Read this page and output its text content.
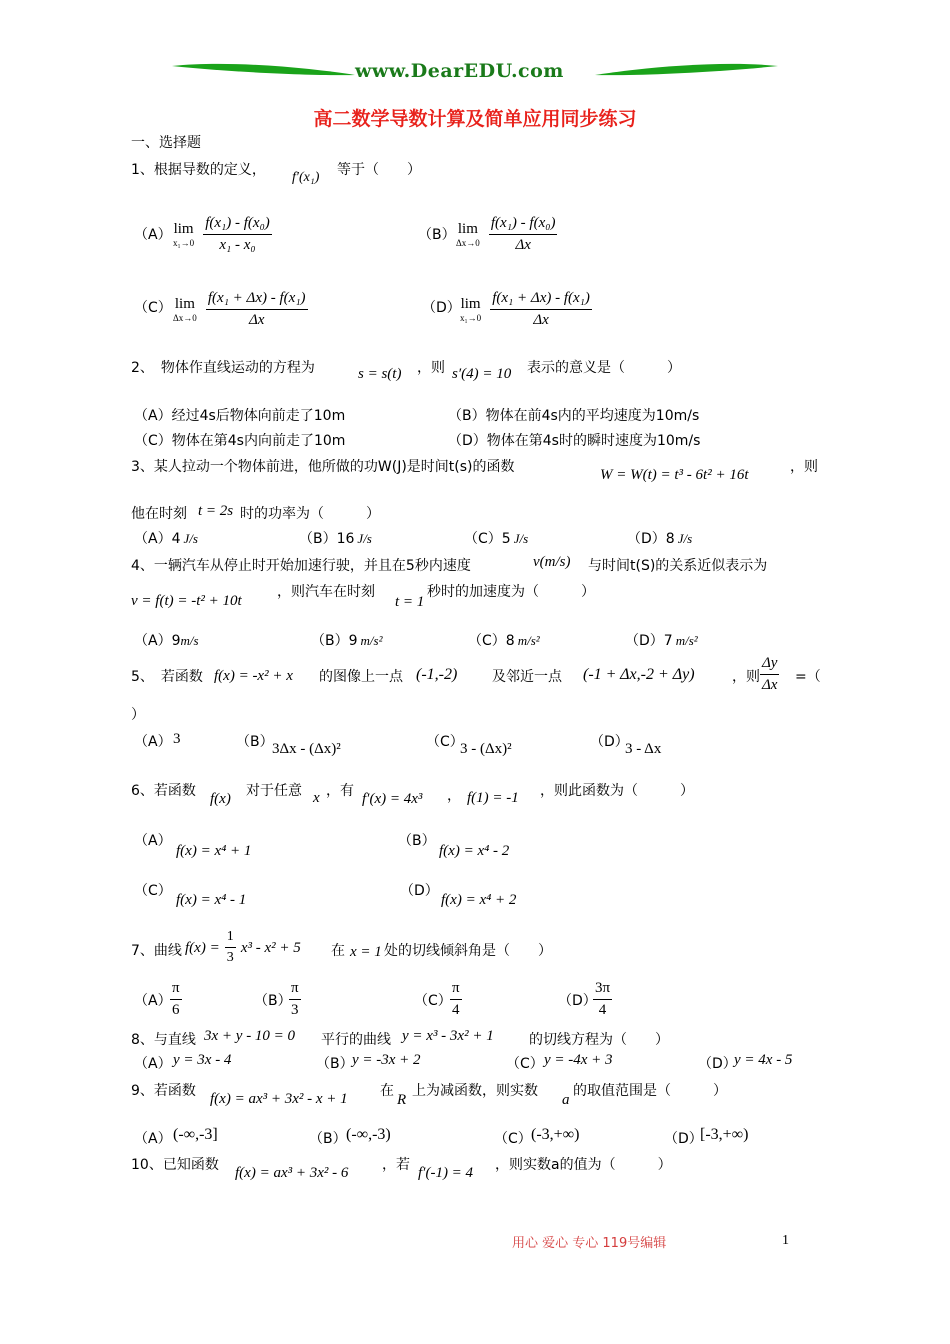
www.DearEDU.com
高二数学导数计算及简单应用同步练习
一、选择题
1、根据导数的定义， f′(x₁) 等于（　　）
（A） lim
x₁→0
$\frac{\text{f(x₁) - f(x₀)}}{\text{x₁ - x₀}}$	（B） lim
Δx→0
$\frac{\text{f(x₁) - f(x₀)}}{\Delta x}$
（C） lim
Δx→0
$\frac{\text{f(x₁ + Δx) - f(x₁)}}{\Delta x}$	（D） lim
x₁→0
$\frac{\text{f(x₁ + Δx) - f(x₁)}}{\Delta x}$
2、　物体作直线运动的方程为	s = s(t) ，则 s′(4) = 10 表示的意义是（　　　）
（A）经过4s后物体向前走了10m	（B）物体在前4s内的平均速度为10m/s
（C）物体在第4s内向前走了10m	（D）物体在第4s时的瞬时速度为10m/s
3、某人拉动一个物体前进，他所做的功W(J)是时间t(s)的函数	W = W(t) = t³ - 6t² + 16t	，则
他在时刻 t = 2s 时的功率为（　　　）
（A）4 J/s	（B）16 J/s	（C）5 J/s	（D）8 J/s
4、一辆汽车从停止时开始加速行驶，并且在5秒内速度	v(m/s) 与时间t(S)的关系近似表示为
v = f(t) = -t² + 10t
，则汽车在时刻
t = 1
秒时的加速度为（　　　）
（A）9m/s	（B）9 m/s²	（C）8 m/s²	（D）7 m/s²
5、　若函数 f(x) = -x² + x 的图像上一点 (-1,-2) 及邻近一点 (-1 + Δx,-2 + Δy)	，则 $\frac{\Delta y}{\Delta x}$ =（
）
（A） 3	（B）
3Δx - (Δx)²	（C）
3 - (Δx)²	（D）
3 - Δx
6、若函数 f(x) 对于任意 x ，有 f′(x) = 4x³ ， f(1) = -1 ，则此函数为（　　　）
（A）
f(x) = x⁴ + 1
（B）
f(x) = x⁴ - 2
（C）
f(x) = x⁴ - 1
（D）
f(x) = x⁴ + 2
7、曲线 $f(x) = \frac{1}{3} x^3 - x^2 + 5$ 在 x = 1 处的切线倾斜角是（　　）
（A）
$\frac{\pi}{6}$	（B）
$\frac{\pi}{3}$	（C）
$\frac{\pi}{4}$	（D）
$\frac{3\pi}{4}$
8、与直线 3x + y - 10 = 0 平行的曲线 y = x³ - 3x² + 1	的切线方程为（　　）
（A） y = 3x - 4	（B）
y = -3x + 2	（C） y = -4x + 3	（D）
y = 4x - 5
9、若函数 f(x) = ax³ + 3x² - x + 1 在
R
上为减函数，则实数
a
的取值范围是（　　　）
（A） (-∞,-3]	（B） (-∞,-3)	（C） (-3,+∞)	（D）
[-3,+∞)
10、已知函数 f(x) = ax³ + 3x² - 6 ，若 f′(-1) = 4 ，则实数a的值为（　　　）
用心 爱心 专心 119号编辑	1
